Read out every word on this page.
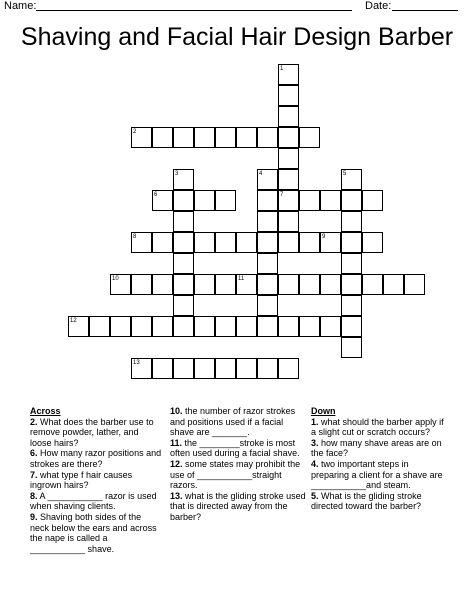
Name:	Date:
Shaving and Facial Hair Design Barber
2
6	7
8	9
10	11
12
13
1
3	4	5
Across
2. What does the barber use to remove powder, lather, and loose hairs?
6. How many razor positions and strokes are there?
7. what type f hair causes ingrown hairs?
8. A ___________ razor is used when shaving clients.
9. Shaving both sides of the neck below the ears and across the nape is called a ___________ shave.
10. the number of razor strokes and positions used if a facial shave are _______.
11. the ________stroke is most often used during a facial shave.
12. some states may prohibit the use of ___________straight razors.
13. what is the gliding stroke used that is directed away from the barber?
Down
1. what should the barber apply if a slight cut or scratch occurs?
3. how many shave areas are on the face?
4. two important steps in preparing a client for a shave are ___________and steam.
5. What is the gliding stroke directed toward the barber?
